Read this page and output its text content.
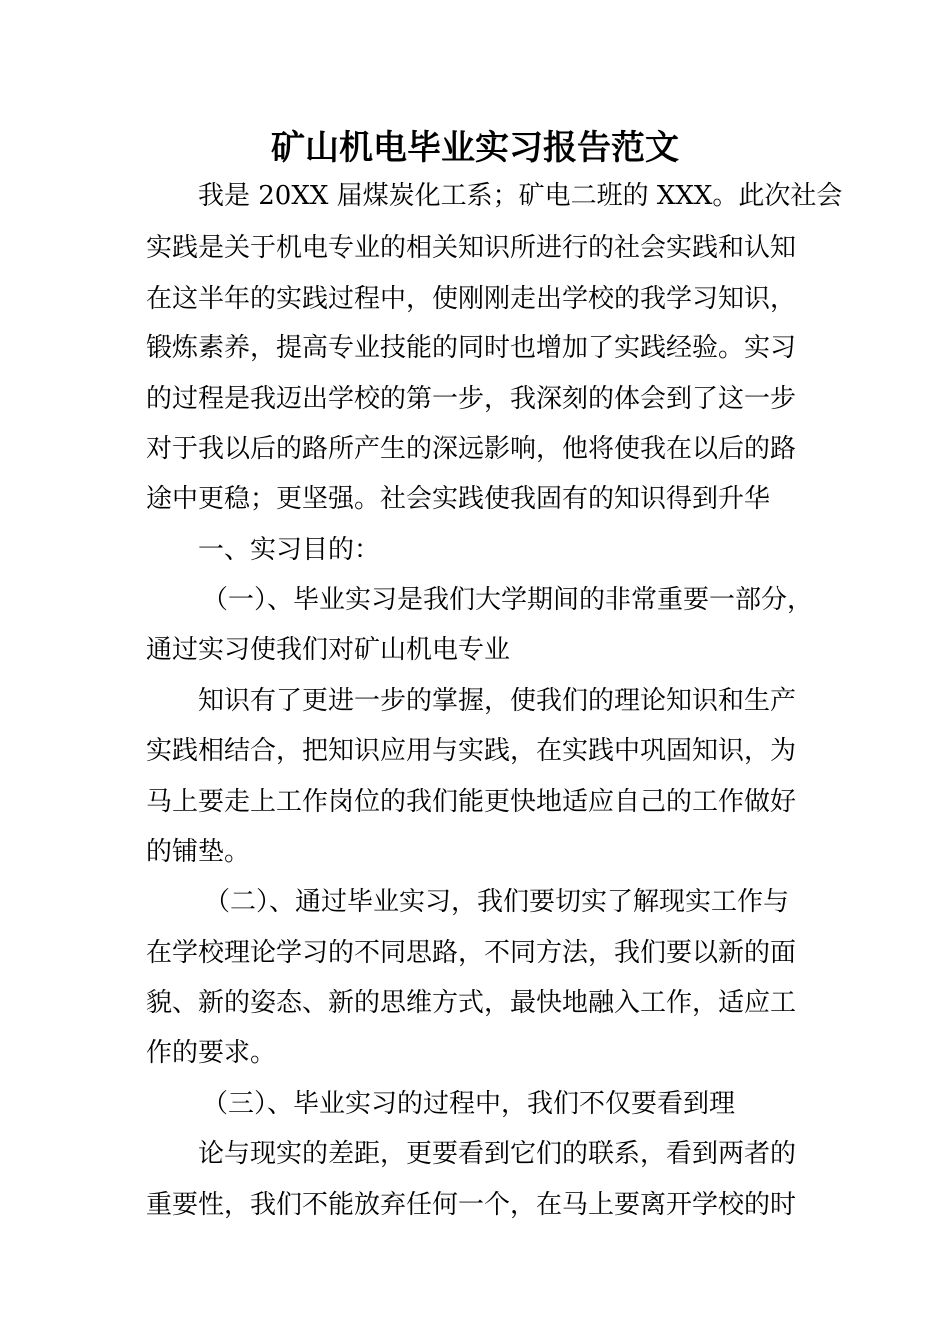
矿山机电毕业实习报告范文
我是 20XX 届煤炭化工系；矿电二班的 XXX。此次社会
实践是关于机电专业的相关知识所进行的社会实践和认知
在这半年的实践过程中，使刚刚走出学校的我学习知识，
锻炼素养，提高专业技能的同时也增加了实践经验。实习
的过程是我迈出学校的第一步，我深刻的体会到了这一步
对于我以后的路所产生的深远影响，他将使我在以后的路
途中更稳；更坚强。社会实践使我固有的知识得到升华
一、实习目的：
（一）、毕业实习是我们大学期间的非常重要一部分，
通过实习使我们对矿山机电专业
知识有了更进一步的掌握，使我们的理论知识和生产
实践相结合，把知识应用与实践，在实践中巩固知识，为
马上要走上工作岗位的我们能更快地适应自己的工作做好
的铺垫。
（二）、通过毕业实习，我们要切实了解现实工作与
在学校理论学习的不同思路，不同方法，我们要以新的面
貌、新的姿态、新的思维方式，最快地融入工作，适应工
作的要求。
（三）、毕业实习的过程中，我们不仅要看到理
论与现实的差距，更要看到它们的联系，看到两者的
重要性，我们不能放弃任何一个，在马上要离开学校的时
